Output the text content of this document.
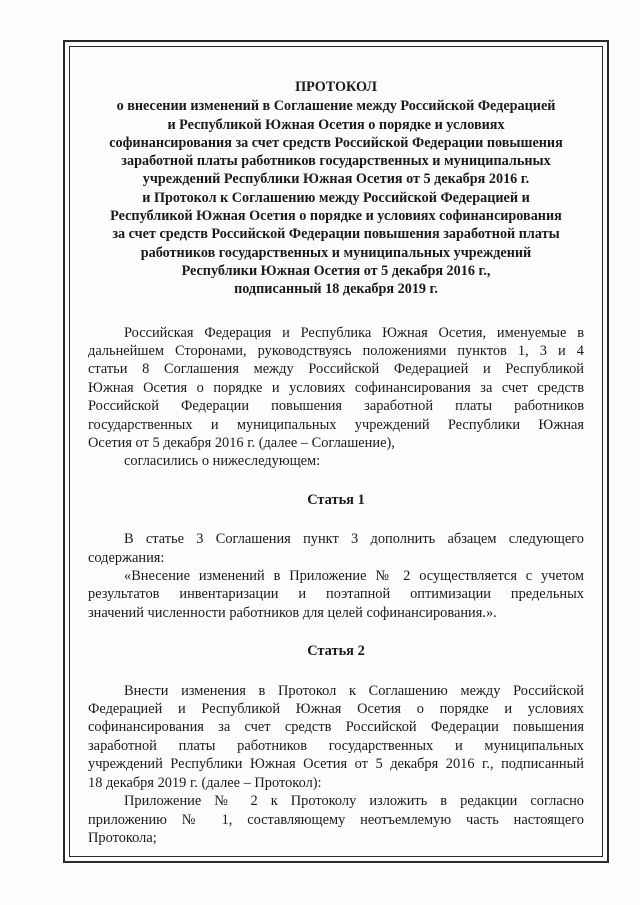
ПРОТОКОЛ
о внесении изменений в Соглашение между Российской Федерацией
и Республикой Южная Осетия о порядке и условиях
софинансирования за счет средств Российской Федерации повышения
заработной платы работников государственных и муниципальных
учреждений Республики Южная Осетия от 5 декабря 2016 г.
и Протокол к Соглашению между Российской Федерацией и
Республикой Южная Осетия о порядке и условиях софинансирования
за счет средств Российской Федерации повышения заработной платы
работников государственных и муниципальных учреждений
Республики Южная Осетия от 5 декабря 2016 г.,
подписанный 18 декабря 2019 г.
Российская Федерация и Республика Южная Осетия, именуемые в
дальнейшем Сторонами, руководствуясь положениями пунктов 1, 3 и 4
статьи 8 Соглашения между Российской Федерацией и Республикой
Южная Осетия о порядке и условиях софинансирования за счет средств
Российской Федерации повышения заработной платы работников
государственных и муниципальных учреждений Республики Южная
Осетия от 5 декабря 2016 г. (далее – Соглашение),
согласились о нижеследующем:
Статья 1
В статье 3 Соглашения пункт 3 дополнить абзацем следующего
содержания:
«Внесение изменений в Приложение № 2 осуществляется с учетом
результатов инвентаризации и поэтапной оптимизации предельных
значений численности работников для целей софинансирования.».
Статья 2
Внести изменения в Протокол к Соглашению между Российской
Федерацией и Республикой Южная Осетия о порядке и условиях
софинансирования за счет средств Российской Федерации повышения
заработной платы работников государственных и муниципальных
учреждений Республики Южная Осетия от 5 декабря 2016 г., подписанный
18 декабря 2019 г. (далее – Протокол):
Приложение № 2 к Протоколу изложить в редакции согласно
приложению № 1, составляющему неотъемлемую часть настоящего
Протокола;
